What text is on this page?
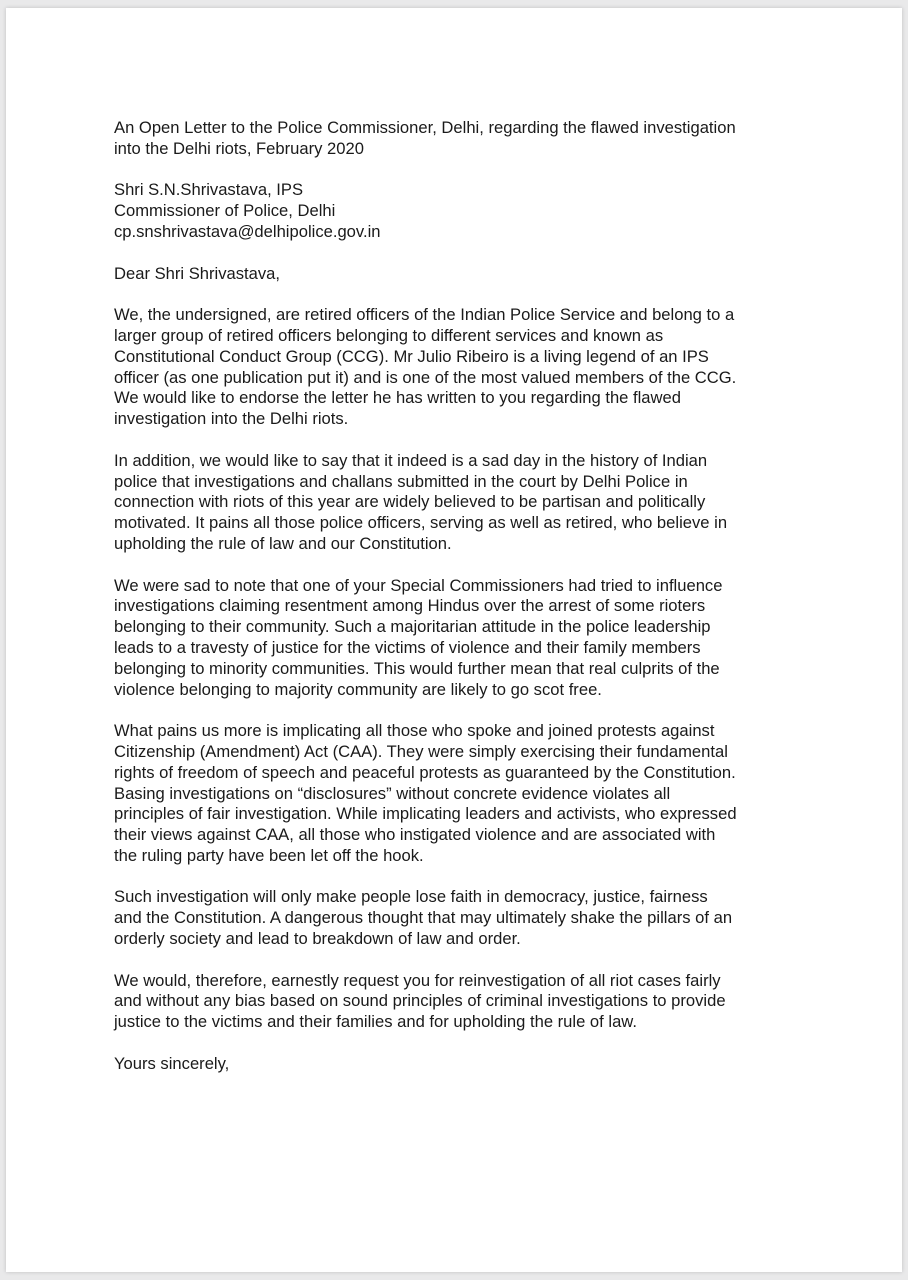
An Open Letter to the Police Commissioner, Delhi, regarding the flawed investigation
into the Delhi riots, February 2020
Shri S.N.Shrivastava, IPS
Commissioner of Police, Delhi
cp.snshrivastava@delhipolice.gov.in
Dear Shri Shrivastava,
We, the undersigned, are retired officers of the Indian Police Service and belong to a
larger group of retired officers belonging to different services and known as
Constitutional Conduct Group (CCG). Mr Julio Ribeiro is a living legend of an IPS
officer (as one publication put it) and is one of the most valued members of the CCG.
We would like to endorse the letter he has written to you regarding the flawed
investigation into the Delhi riots.
In addition, we would like to say that it indeed is a sad day in the history of Indian
police that investigations and challans submitted in the court by Delhi Police in
connection with riots of this year are widely believed to be partisan and politically
motivated. It pains all those police officers, serving as well as retired, who believe in
upholding the rule of law and our Constitution.
We were sad to note that one of your Special Commissioners had tried to influence
investigations claiming resentment among Hindus over the arrest of some rioters
belonging to their community. Such a majoritarian attitude in the police leadership
leads to a travesty of justice for the victims of violence and their family members
belonging to minority communities. This would further mean that real culprits of the
violence belonging to majority community are likely to go scot free.
What pains us more is implicating all those who spoke and joined protests against
Citizenship (Amendment) Act (CAA). They were simply exercising their fundamental
rights of freedom of speech and peaceful protests as guaranteed by the Constitution.
Basing investigations on “disclosures” without concrete evidence violates all
principles of fair investigation. While implicating leaders and activists, who expressed
their views against CAA, all those who instigated violence and are associated with
the ruling party have been let off the hook.
Such investigation will only make people lose faith in democracy, justice, fairness
and the Constitution. A dangerous thought that may ultimately shake the pillars of an
orderly society and lead to breakdown of law and order.
We would, therefore, earnestly request you for reinvestigation of all riot cases fairly
and without any bias based on sound principles of criminal investigations to provide
justice to the victims and their families and for upholding the rule of law.
Yours sincerely,
